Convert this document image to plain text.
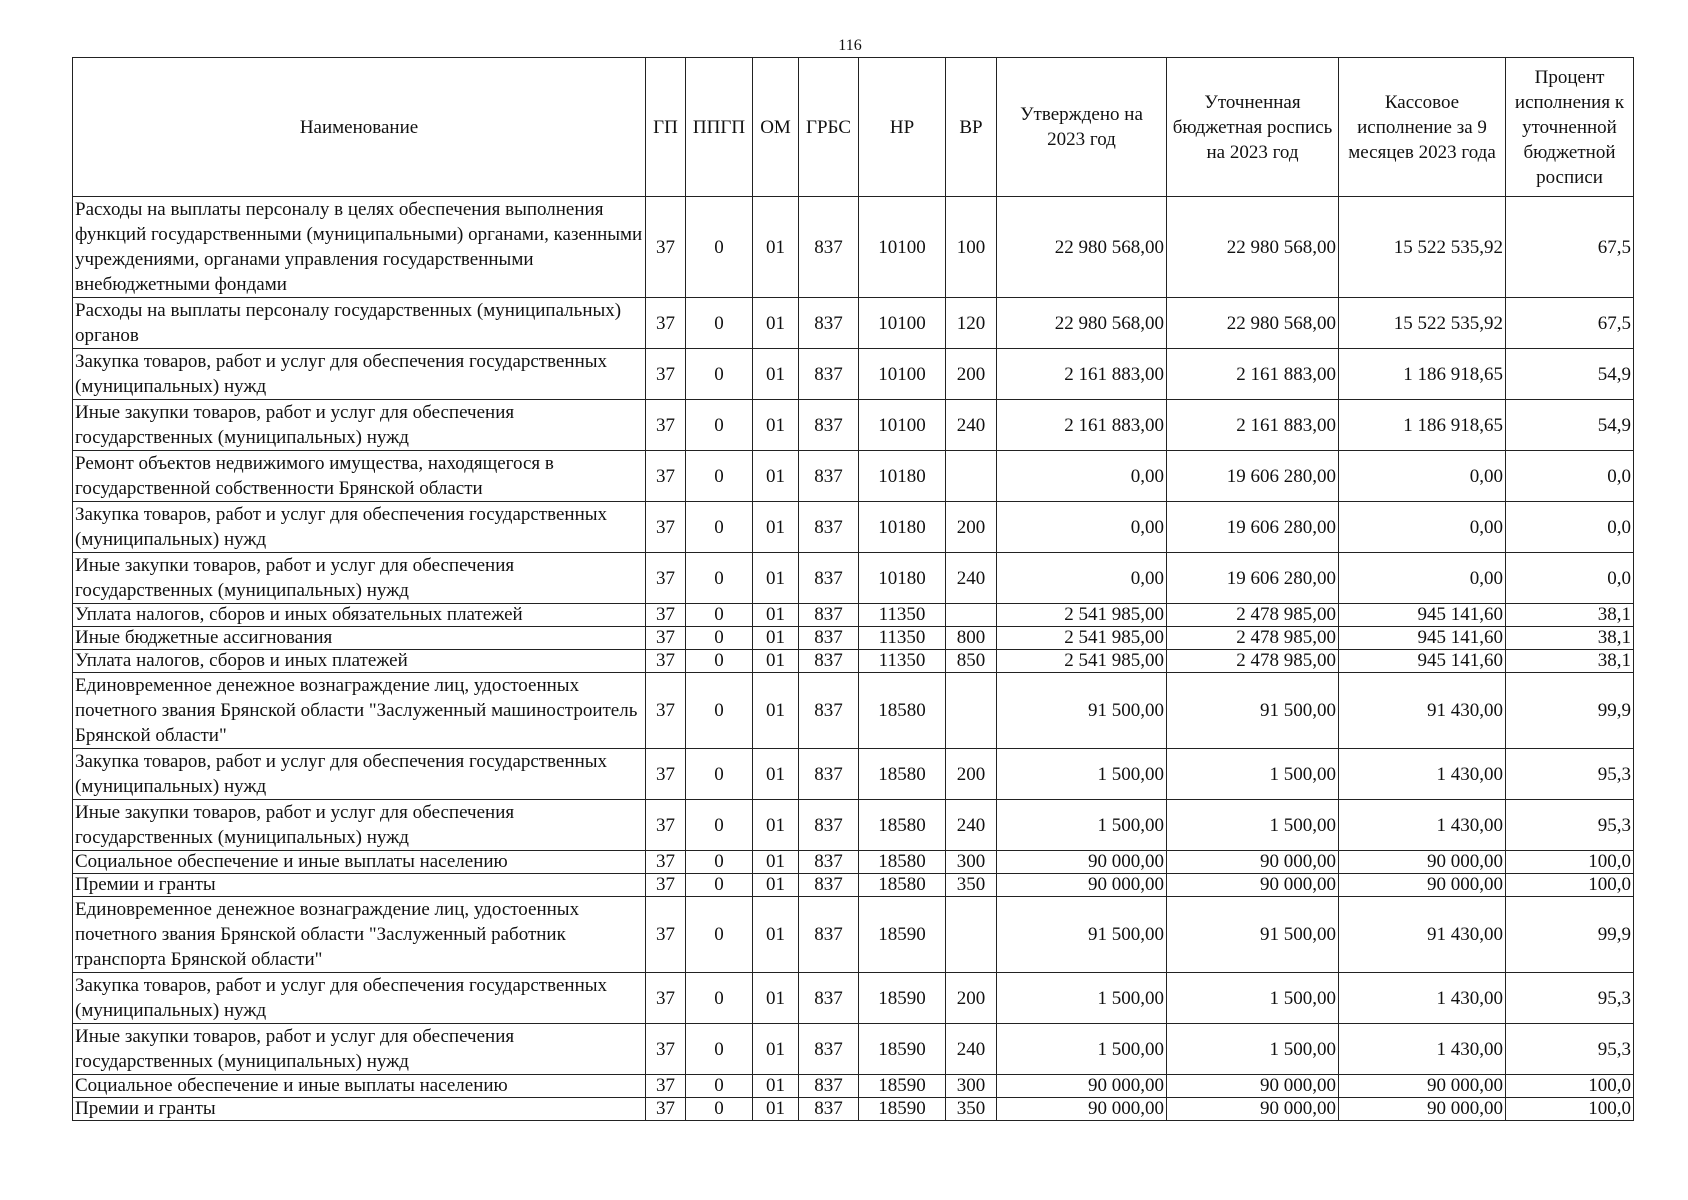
116
Наименование	ГП	ППГП	ОМ	ГРБС	НР	ВР	Утверждено на 2023 год	Уточненная бюджетная роспись на 2023 год	Кассовое исполнение за 9 месяцев 2023 года	Процент исполнения к уточненной бюджетной росписи
Расходы на выплаты персоналу в целях обеспечения выполнения функций государственными (муниципальными) органами, казенными учреждениями, органами управления государственными внебюджетными фондами	37	0	01	837	10100	100	22 980 568,00	22 980 568,00	15 522 535,92	67,5
Расходы на выплаты персоналу государственных (муниципальных) органов	37	0	01	837	10100	120	22 980 568,00	22 980 568,00	15 522 535,92	67,5
Закупка товаров, работ и услуг для обеспечения государственных (муниципальных) нужд	37	0	01	837	10100	200	2 161 883,00	2 161 883,00	1 186 918,65	54,9
Иные закупки товаров, работ и услуг для обеспечения государственных (муниципальных) нужд	37	0	01	837	10100	240	2 161 883,00	2 161 883,00	1 186 918,65	54,9
Ремонт объектов недвижимого имущества, находящегося в государственной собственности Брянской области	37	0	01	837	10180		0,00	19 606 280,00	0,00	0,0
Закупка товаров, работ и услуг для обеспечения государственных (муниципальных) нужд	37	0	01	837	10180	200	0,00	19 606 280,00	0,00	0,0
Иные закупки товаров, работ и услуг для обеспечения государственных (муниципальных) нужд	37	0	01	837	10180	240	0,00	19 606 280,00	0,00	0,0
Уплата налогов, сборов и иных обязательных платежей	37	0	01	837	11350		2 541 985,00	2 478 985,00	945 141,60	38,1
Иные бюджетные ассигнования	37	0	01	837	11350	800	2 541 985,00	2 478 985,00	945 141,60	38,1
Уплата налогов, сборов и иных платежей	37	0	01	837	11350	850	2 541 985,00	2 478 985,00	945 141,60	38,1
Единовременное денежное вознаграждение лиц, удостоенных почетного звания Брянской области "Заслуженный машиностроитель Брянской области"	37	0	01	837	18580		91 500,00	91 500,00	91 430,00	99,9
Закупка товаров, работ и услуг для обеспечения государственных (муниципальных) нужд	37	0	01	837	18580	200	1 500,00	1 500,00	1 430,00	95,3
Иные закупки товаров, работ и услуг для обеспечения государственных (муниципальных) нужд	37	0	01	837	18580	240	1 500,00	1 500,00	1 430,00	95,3
Социальное обеспечение и иные выплаты населению	37	0	01	837	18580	300	90 000,00	90 000,00	90 000,00	100,0
Премии и гранты	37	0	01	837	18580	350	90 000,00	90 000,00	90 000,00	100,0
Единовременное денежное вознаграждение лиц, удостоенных почетного звания Брянской области "Заслуженный работник транспорта Брянской области"	37	0	01	837	18590		91 500,00	91 500,00	91 430,00	99,9
Закупка товаров, работ и услуг для обеспечения государственных (муниципальных) нужд	37	0	01	837	18590	200	1 500,00	1 500,00	1 430,00	95,3
Иные закупки товаров, работ и услуг для обеспечения государственных (муниципальных) нужд	37	0	01	837	18590	240	1 500,00	1 500,00	1 430,00	95,3
Социальное обеспечение и иные выплаты населению	37	0	01	837	18590	300	90 000,00	90 000,00	90 000,00	100,0
Премии и гранты	37	0	01	837	18590	350	90 000,00	90 000,00	90 000,00	100,0
